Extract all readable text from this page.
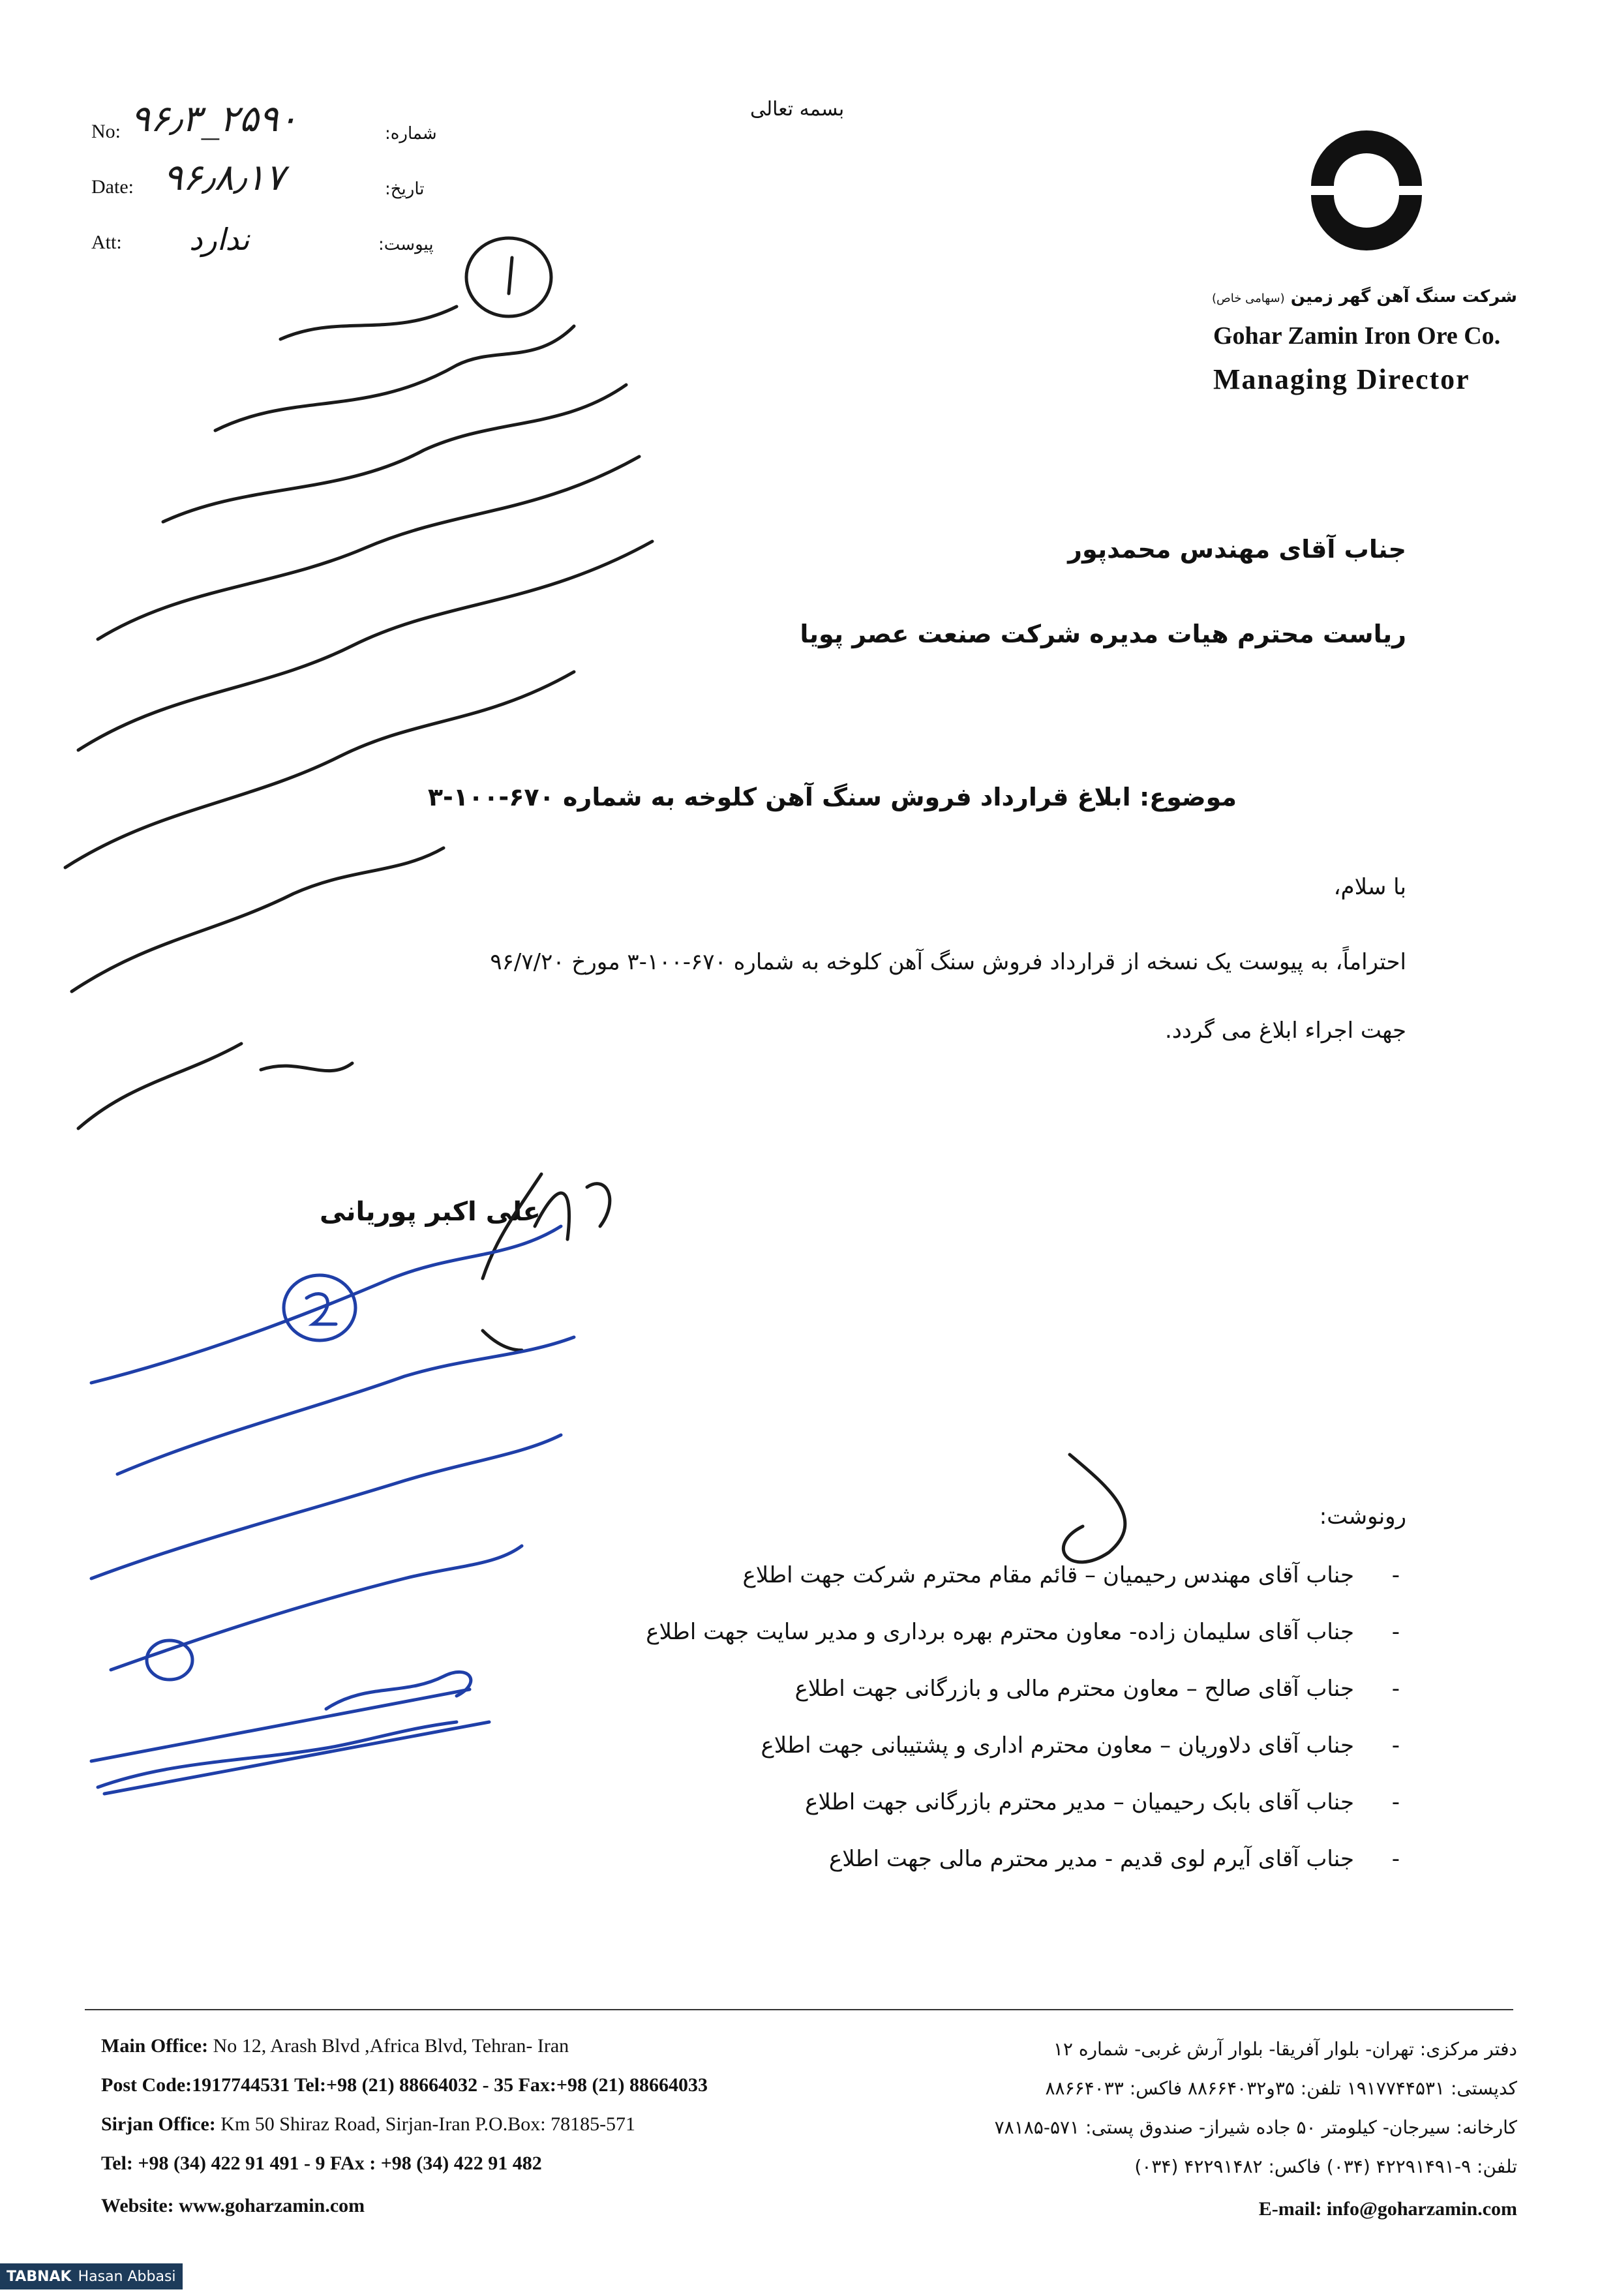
No: ۹۶٫۳_۲۵۹۰	شماره:
Date: ۹۶٫۸٫۱۷	تاریخ:
Att: ندارد	پیوست:
بسمه تعالی
شرکت سنگ آهن گهر زمین (سهامی خاص)
Gohar Zamin Iron Ore Co.
Managing Director
جناب آقای مهندس محمدپور
ریاست محترم هیات مدیره شرکت صنعت عصر پویا
موضوع: ابلاغ قرارداد فروش سنگ آهن کلوخه به شماره ۶۷۰-۱۰۰-۳
با سلام،
احتراماً، به پیوست یک نسخه از قرارداد فروش سنگ آهن کلوخه به شماره ۶۷۰-۱۰۰-۳ مورخ ۹۶/۷/۲۰
جهت اجراء ابلاغ می گردد.
علی اکبر پوریانی
رونوشت:
-
جناب آقای مهندس رحیمیان – قائم مقام محترم شرکت جهت اطلاع
-
جناب آقای سلیمان زاده- معاون محترم بهره برداری و مدیر سایت جهت اطلاع
-
جناب آقای صالح – معاون محترم مالی و بازرگانی جهت اطلاع
-
جناب آقای دلاوریان – معاون محترم اداری و پشتیبانی جهت اطلاع
-
جناب آقای بابک رحیمیان – مدیر محترم بازرگانی جهت اطلاع
-
جناب آقای آیرم لوی قدیم - مدیر محترم مالی جهت اطلاع
Main Office: No 12, Arash Blvd ,Africa Blvd, Tehran- Iran
Post Code:1917744531 Tel:+98 (21) 88664032 - 35 Fax:+98 (21) 88664033
Sirjan Office: Km 50 Shiraz Road, Sirjan-Iran P.O.Box: 78185-571
Tel: +98 (34) 422 91 491 - 9 FAx : +98 (34) 422 91 482
Website: www.goharzamin.com
دفتر مرکزی: تهران- بلوار آفریقا- بلوار آرش غربی- شماره ۱۲
کدپستی: ۱۹۱۷۷۴۴۵۳۱ تلفن: ۳۵و۸۸۶۶۴۰۳۲ فاکس: ۸۸۶۶۴۰۳۳
کارخانه: سیرجان- کیلومتر ۵۰ جاده شیراز- صندوق پستی: ۵۷۱-۷۸۱۸۵
تلفن: ۹-۴۲۲۹۱۴۹۱ (۰۳۴) فاکس: ۴۲۲۹۱۴۸۲ (۰۳۴)
E-mail: info@goharzamin.com
TABNAK Hasan Abbasi
